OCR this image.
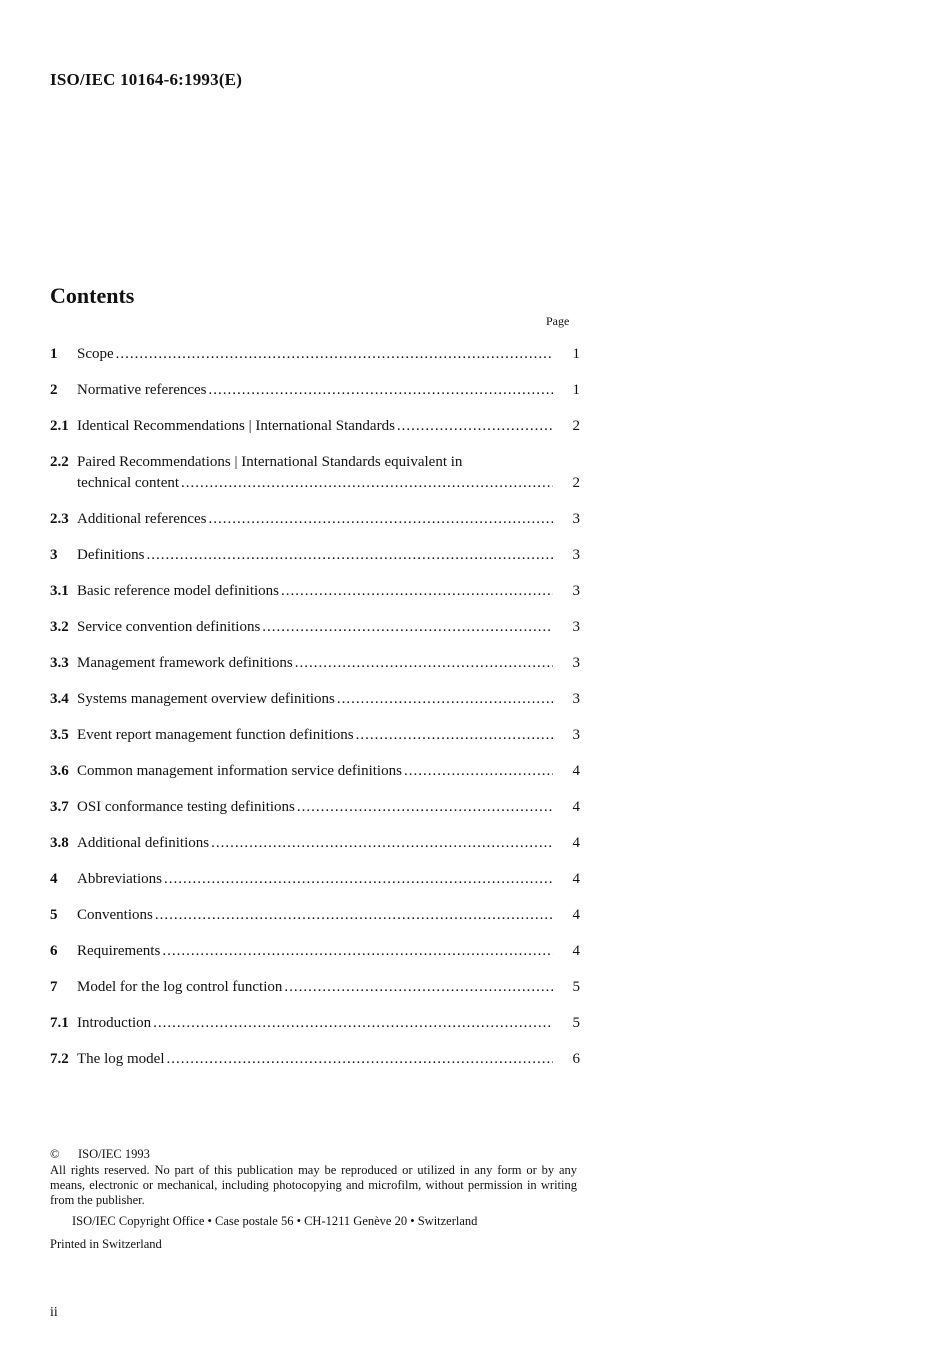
ISO/IEC 10164-6:1993(E)
Contents
Page
1	Scope .....	1
2	Normative references .....	1
2.1 Identical Recommendations | International Standards .....	2
2.2 Paired Recommendations | International Standards equivalent in
technical content .....	2
2.3 Additional references .....	3
3	Definitions .....	3
3.1 Basic reference model definitions .....	3
3.2 Service convention definitions .....	3
3.3 Management framework definitions .....	3
3.4 Systems management overview definitions .....	3
3.5 Event report management function definitions .....	3
3.6 Common management information service definitions .....	4
3.7 OSI conformance testing definitions .....	4
3.8 Additional definitions .....	4
4	Abbreviations .....	4
5	Conventions .....	4
6	Requirements .....	4
7	Model for the log control function .....	5
7.1 Introduction .....	5
7.2 The log model .....	6
©	ISO/IEC 1993
All rights reserved. No part of this publication may be reproduced or utilized in any form or by any means, electronic or mechanical, including photocopying and microfilm, without permission in writing from the publisher.
ISO/IEC Copyright Office • Case postale 56 • CH-1211 Genève 20 • Switzerland
Printed in Switzerland
ii
